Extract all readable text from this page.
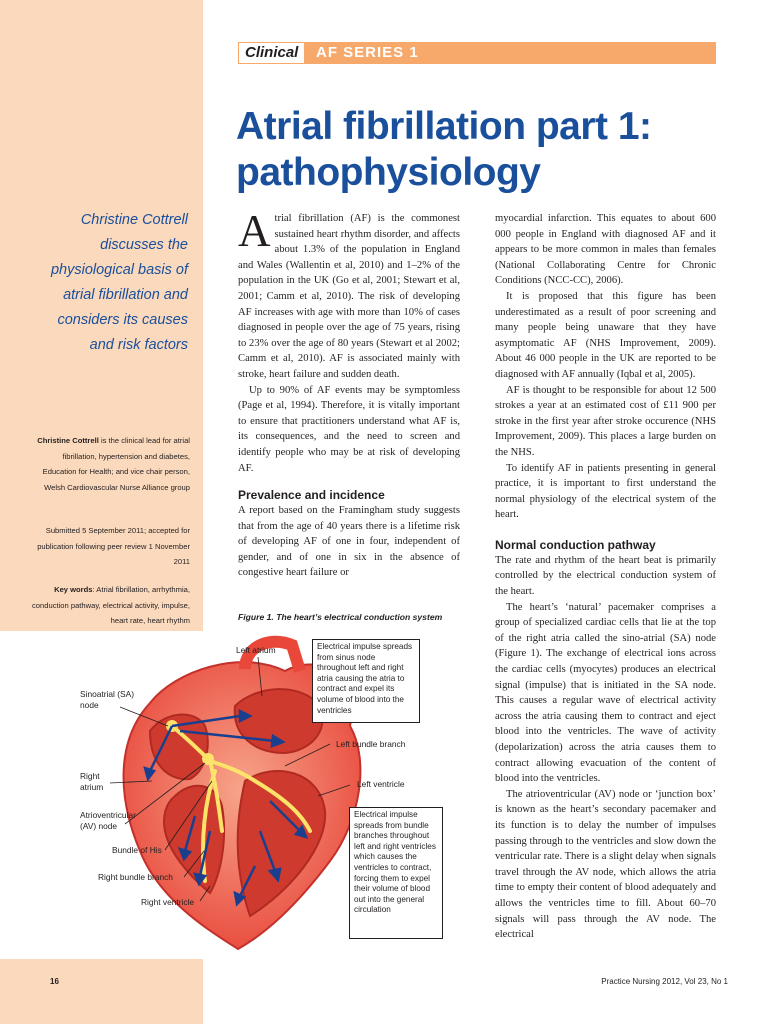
Clinical	AF SERIES 1
Atrial fibrillation part 1:
pathophysiology

Christine Cottrell discusses the physiological basis of atrial fibrillation and considers its causes and risk factors

Christine Cottrell is the clinical lead for atrial fibrillation, hypertension and diabetes, Education for Health; and vice chair person, Welsh Cardiovascular Nurse Alliance group

Submitted 5 September 2011; accepted for publication following peer review 1 November 2011

Key words: Atrial fibrillation, arrhythmia, conduction pathway, electrical activity, impulse, heart rate, heart rhythm

Atrial fibrillation (AF) is the commonest sustained heart rhythm disorder, and affects about 1.3% of the population in England and Wales (Wallentin et al, 2010) and 1–2% of the population in the UK (Go et al, 2001; Stewart et al, 2001; Camm et al, 2010). The risk of developing AF increases with age with more than 10% of cases diagnosed in people over the age of 75 years, rising to 23% over the age of 80 years (Stewart et al 2002; Camm et al, 2010). AF is associated mainly with stroke, heart failure and sudden death.

Up to 90% of AF events may be symptomless (Page et al, 1994). Therefore, it is vitally important to ensure that practitioners understand what AF is, its consequences, and the need to screen and identify people who may be at risk of developing AF.

Prevalence and incidence

A report based on the Framingham study suggests that from the age of 40 years there is a lifetime risk of developing AF of one in four, independent of gender, and of one in six in the absence of congestive heart failure or

myocardial infarction. This equates to about 600 000 people in England with diagnosed AF and it appears to be more common in males than females (National Collaborating Centre for Chronic Conditions (NCC-CC), 2006).

It is proposed that this figure has been underestimated as a result of poor screening and many people being unaware that they have asymptomatic AF (NHS Improvement, 2009). About 46 000 people in the UK are reported to be diagnosed with AF annually (Iqbal et al, 2005).

AF is thought to be responsible for about 12 500 strokes a year at an estimated cost of £11 900 per stroke in the first year after stroke occurence (NHS Improvement, 2009). This places a large burden on the NHS.

To identify AF in patients presenting in general practice, it is important to first understand the normal physiology of the electrical system of the heart.

Normal conduction pathway

The rate and rhythm of the heart beat is primarily controlled by the electrical conduction system of the heart.

The heart’s ‘natural’ pacemaker comprises a group of specialized cardiac cells that lie at the top of the right atria called the sino-atrial (SA) node (Figure 1). The exchange of electrical ions across the cardiac cells (myocytes) produces an electrical signal (impulse) that is initiated in the SA node. This causes a regular wave of electrical activity across the atria causing them to contract and eject blood into the ventricles. The wave of activity (depolarization) across the atria causes them to contract allowing evacuation of the content of blood into the ventricles.

The atrioventricular (AV) node or ‘junction box’ is known as the heart’s secondary pacemaker and its function is to delay the number of impulses passing through to the ventricles and slow down the ventricular rate. There is a slight delay when signals travel through the AV node, which allows the atria time to empty their content of blood adequately and allows the ventricles time to fill. About 60–70 signals will pass through the AV node. The electrical

Figure 1. The heart’s electrical conduction system
Left atrium
Sinoatrial (SA) node
Right atrium
Atrioventricular (AV) node
Bundle of His
Right bundle branch
Right ventricle
Left bundle branch
Left ventricle
Electrical impulse spreads from sinus node throughout left and right atria causing the atria to contract and expel its volume of blood into the ventricles
Electrical impulse spreads from bundle branches throughout left and right ventricles which causes the ventricles to contract, forcing them to expel their volume of blood out into the general circulation
16	Practice Nursing 2012, Vol 23, No 1
